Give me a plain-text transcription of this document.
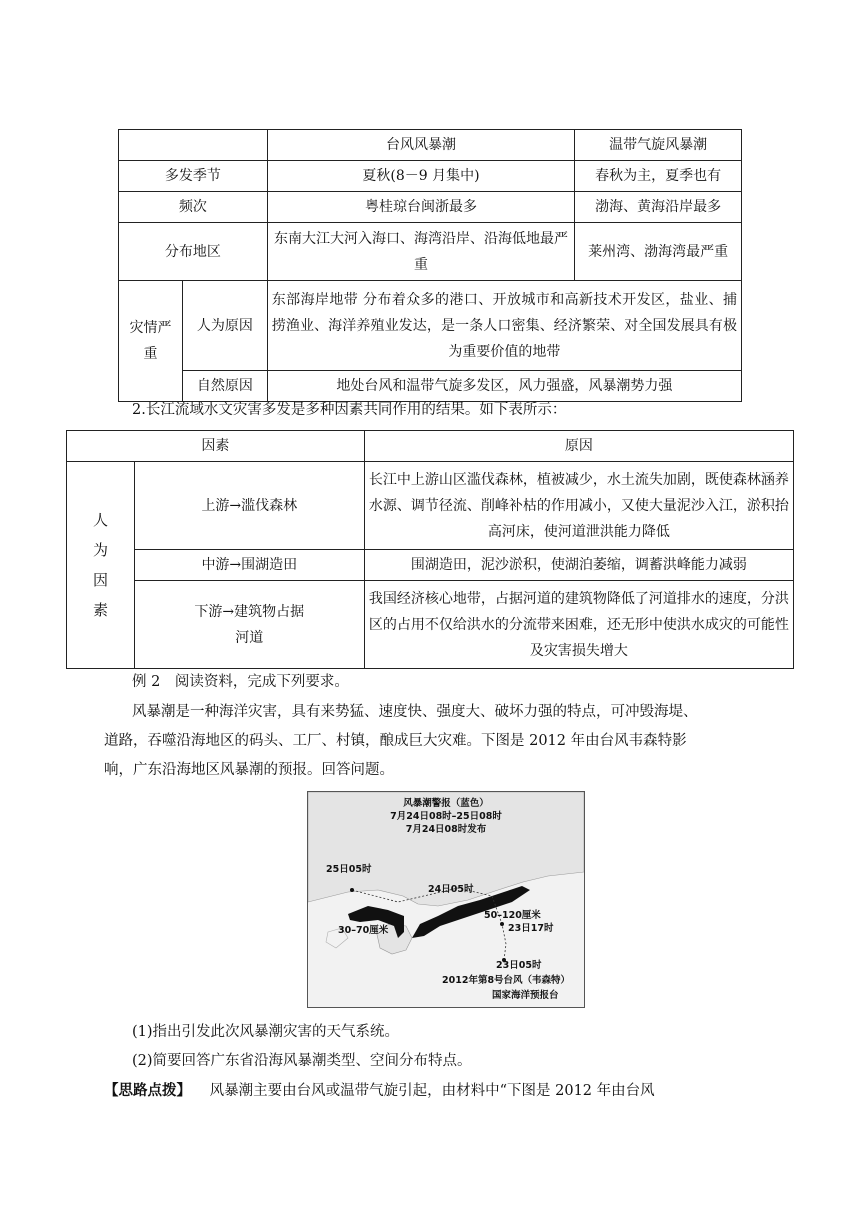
		台风风暴潮	温带气旋风暴潮
多发季节		夏秋(8－9 月集中)	春秋为主，夏季也有
频次		粤桂琼台闽浙最多	渤海、黄海沿岸最多
分布地区		东南大江大河入海口、海湾沿岸、沿海低地最严重	莱州湾、渤海湾最严重
灾情严重	人为原因	东部海岸地带 分布着众多的港口、开放城市和高新技术开发区，盐业、捕捞渔业、海洋养殖业发达，是一条人口密集、经济繁荣、对全国发展具有极为重要价值的地带	
	自然原因	地处台风和温带气旋多发区，风力强盛，风暴潮势力强	
2.长江流域水文灾害多发是多种因素共同作用的结果。如下表所示：
因素		原因

人为因素	上游→滥伐森林	长江中上游山区滥伐森林，植被减少，水土流失加剧，既使森林涵养水源、调节径流、削峰补枯的作用减小，又使大量泥沙入江，淤积抬高河床，使河道泄洪能力降低
	中游→围湖造田	围湖造田，泥沙淤积，使湖泊萎缩，调蓄洪峰能力减弱

	下游→建筑物占据河道	我国经济核心地带，占据河道的建筑物降低了河道排水的速度，分洪区的占用不仅给洪水的分流带来困难，还无形中使洪水成灾的可能性及灾害损失增大
例 2　阅读资料，完成下列要求。
风暴潮是一种海洋灾害，具有来势猛、速度快、强度大、破坏力强的特点，可冲毁海堤、
道路，吞噬沿海地区的码头、工厂、村镇，酿成巨大灾难。下图是 2012 年由台风韦森特影
响，广东沿海地区风暴潮的预报。回答问题。
风暴潮警报（蓝色）
7月24日08时–25日08时
7月24日08时发布
25日05时
24日05时
30–70厘米
50–120厘米
23日17时
23日05时
2012年第8号台风（韦森特）
国家海洋预报台
(1)指出引发此次风暴潮灾害的天气系统。
(2)简要回答广东省沿海风暴潮类型、空间分布特点。
【思路点拨】 风暴潮主要由台风或温带气旋引起，由材料中“下图是 2012 年由台风
